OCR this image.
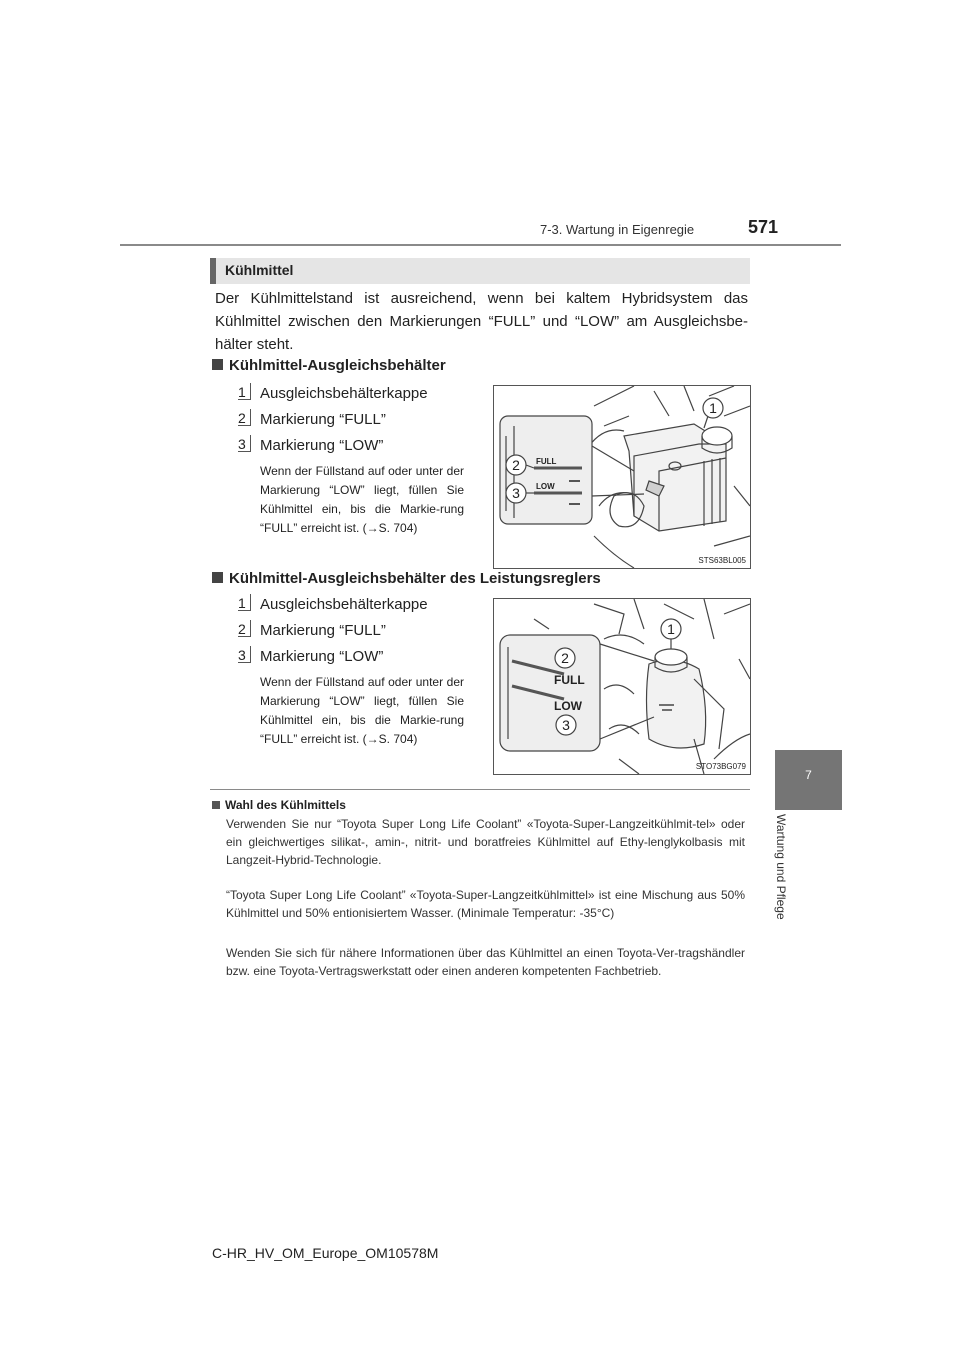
7-3. Wartung in Eigenregie	571
7
Wartung und Pflege
Kühlmittel
Der Kühlmittelstand ist ausreichend, wenn bei kaltem Hybridsystem das Kühlmittel zwischen den Markierungen “FULL” und “LOW” am Ausgleichsbe-hälter steht.
Kühlmittel-Ausgleichsbehälter
1 Ausgleichsbehälterkappe
2 Markierung “FULL”
3 Markierung “LOW”
Wenn der Füllstand auf oder unter der Markierung “LOW” liegt, füllen Sie Kühlmittel ein, bis die Markie-rung “FULL” erreicht ist. (→S. 704)
1
2
3
FULL
LOW
STS63BL005
Kühlmittel-Ausgleichsbehälter des Leistungsreglers
1 Ausgleichsbehälterkappe
2 Markierung “FULL”
3 Markierung “LOW”
Wenn der Füllstand auf oder unter der Markierung “LOW” liegt, füllen Sie Kühlmittel ein, bis die Markie-rung “FULL” erreicht ist. (→S. 704)
1
2
3
FULL
LOW
STO73BG079
Wahl des Kühlmittels
Verwenden Sie nur “Toyota Super Long Life Coolant” «Toyota-Super-Langzeitkühlmit-tel» oder ein gleichwertiges silikat-, amin-, nitrit- und boratfreies Kühlmittel auf Ethy-lenglykolbasis mit Langzeit-Hybrid-Technologie.
“Toyota Super Long Life Coolant” «Toyota-Super-Langzeitkühlmittel» ist eine Mischung aus 50% Kühlmittel und 50% entionisiertem Wasser. (Minimale Temperatur: -35°C)
Wenden Sie sich für nähere Informationen über das Kühlmittel an einen Toyota-Ver-tragshändler bzw. eine Toyota-Vertragswerkstatt oder einen anderen kompetenten Fachbetrieb.
C-HR_HV_OM_Europe_OM10578M
